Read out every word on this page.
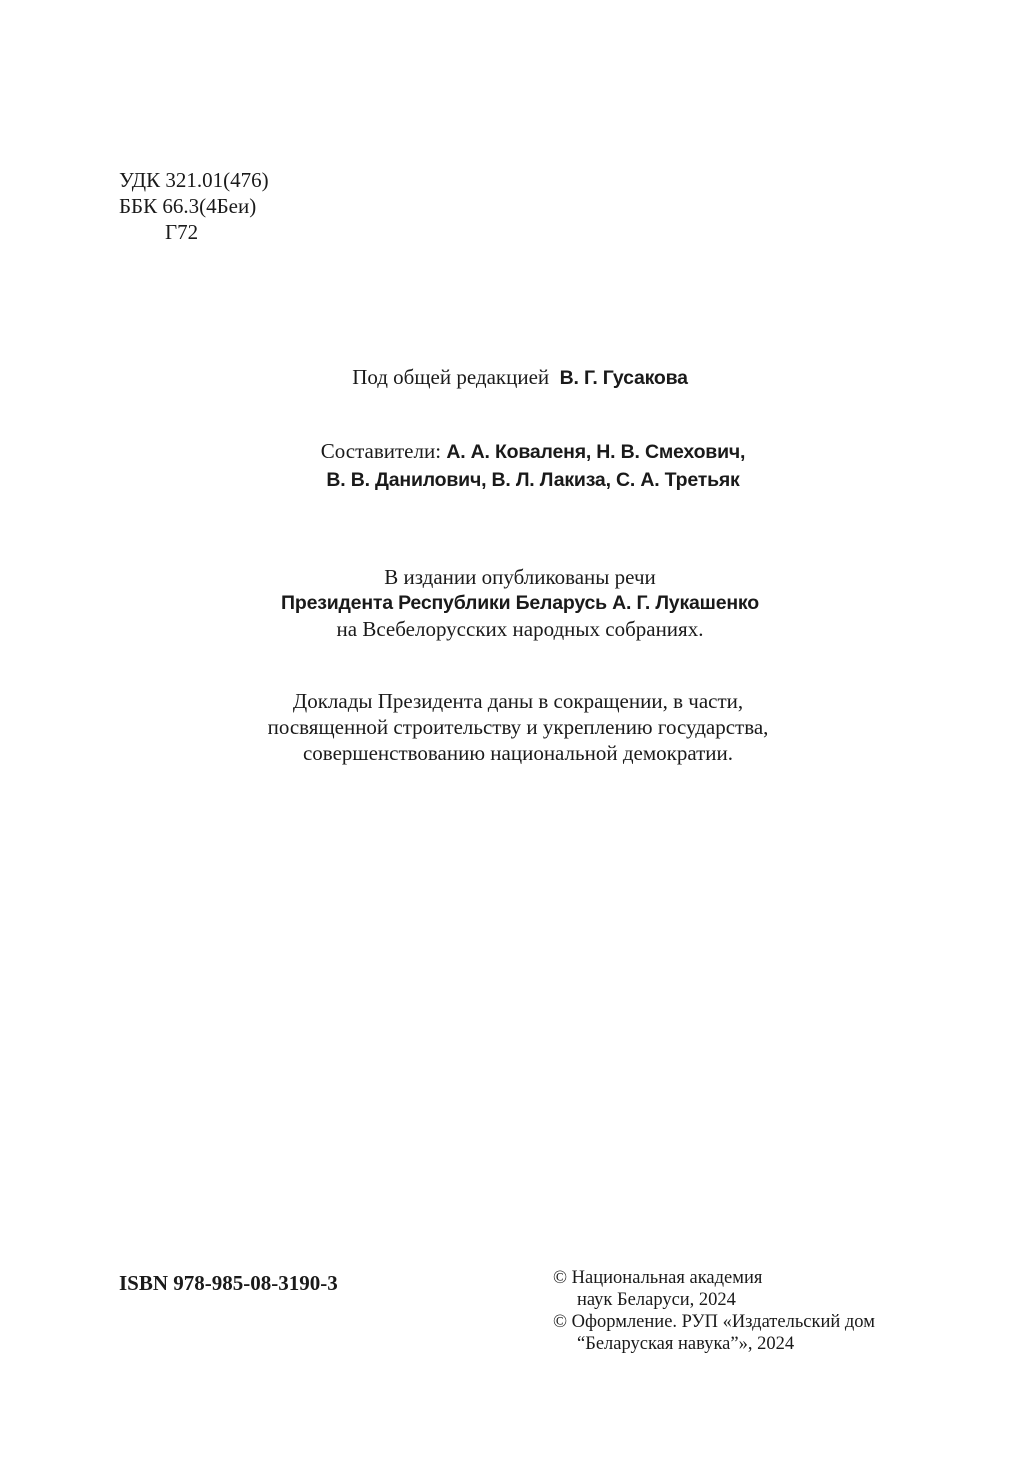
УДК 321.01(476)
ББК 66.3(4Беи)
Г72
Под общей редакцией В. Г. Гусакова
Составители: А. А. Коваленя, Н. В. Смехович,
В. В. Данилович, В. Л. Лакиза, С. А. Третьяк
В издании опубликованы речи
Президента Республики Беларусь А. Г. Лукашенко
на Всебелорусских народных собраниях.
Доклады Президента даны в сокращении, в части,
посвященной строительству и укреплению государства,
совершенствованию национальной демократии.
ISBN 978-985-08-3190-3	© Национальная академия
наук Беларуси, 2024
© Оформление. РУП «Издательский дом
“Беларуская навука”», 2024
